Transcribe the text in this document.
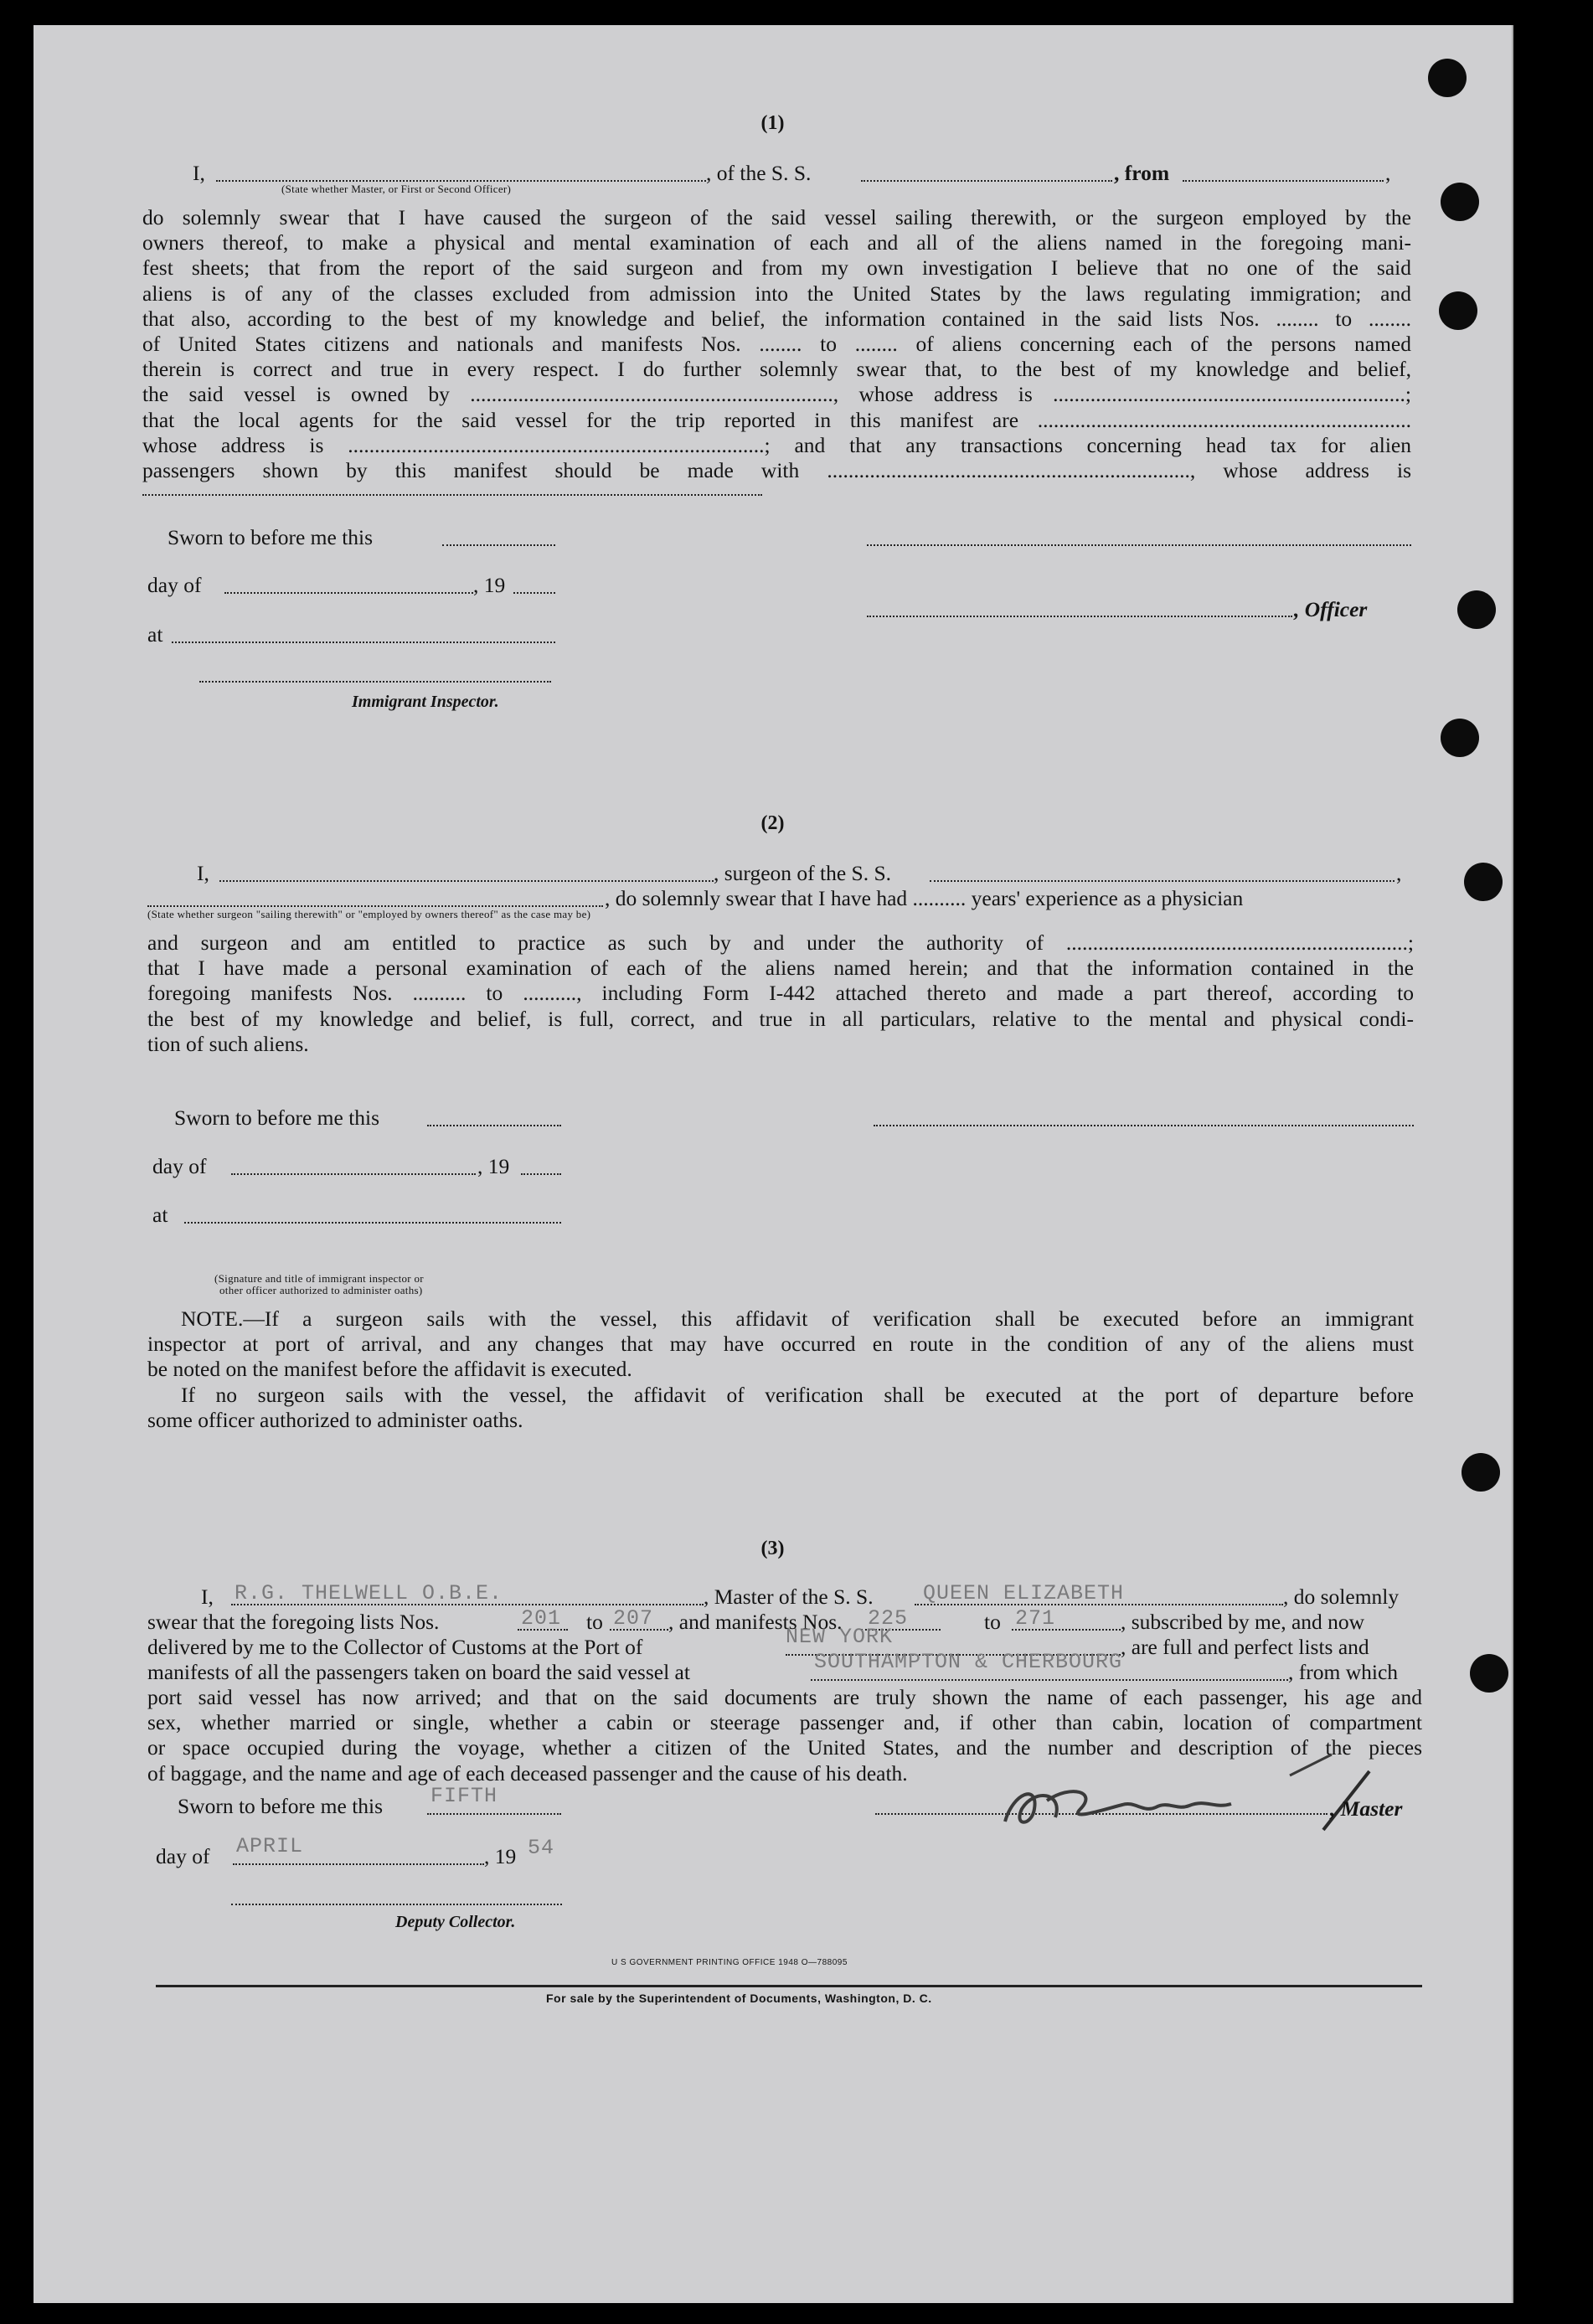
(1)
I,	, of the S. S.	, from	,
(State whether Master, or First or Second Officer)
do solemnly swear that I have caused the surgeon of the said vessel sailing therewith, or the surgeon employed by the
owners thereof, to make a physical and mental examination of each and all of the aliens named in the foregoing mani-
fest sheets; that from the report of the said surgeon and from my own investigation I believe that no one of the said
aliens is of any of the classes excluded from admission into the United States by the laws regulating immigration; and
that also, according to the best of my knowledge and belief, the information contained in the said lists Nos. ........ to ........
of United States citizens and nationals and manifests Nos. ........ to ........ of aliens concerning each of the persons named
therein is correct and true in every respect. I do further solemnly swear that, to the best of my knowledge and belief,
the said vessel is owned by ...................................................................., whose address is ..................................................................;
that the local agents for the said vessel for the trip reported in this manifest are ......................................................................
whose address is ..............................................................................; and that any transactions concerning head tax for alien
passengers shown by this manifest should be made with ...................................................................., whose address is
Sworn to before me this
day of	, 19
, Officer
at
Immigrant Inspector.
(2)
I,	, surgeon of the S. S.	,
, do solemnly swear that I have had .......... years' experience as a physician
(State whether surgeon "sailing therewith" or "employed by owners thereof" as the case may be)
and surgeon and am entitled to practice as such by and under the authority of ................................................................;
that I have made a personal examination of each of the aliens named herein; and that the information contained in the
foregoing manifests Nos. .......... to .........., including Form I-442 attached thereto and made a part thereof, according to
the best of my knowledge and belief, is full, correct, and true in all particulars, relative to the mental and physical condi-
tion of such aliens.
Sworn to before me this
day of	, 19
at
(Signature and title of immigrant inspector or
other officer authorized to administer oaths)
NOTE.—If a surgeon sails with the vessel, this affidavit of verification shall be executed before an immigrant
inspector at port of arrival, and any changes that may have occurred en route in the condition of any of the aliens must
be noted on the manifest before the affidavit is executed.
If no surgeon sails with the vessel, the affidavit of verification shall be executed at the port of departure before
some officer authorized to administer oaths.
(3)
I, R.G. THELWELL O.B.E.	, Master of the S. S. QUEEN ELIZABETH	, do solemnly
swear that the foregoing lists Nos.	201 to 207 , and manifests Nos. 225	to 271	, subscribed by me, and now
delivered by me to the Collector of Customs at the Port of	NEW YORK	, are full and perfect lists and
manifests of all the passengers taken on board the said vessel at	SOUTHAMPTON & CHERBOURG	, from which
port said vessel has now arrived; and that on the said documents are truly shown the name of each passenger, his age and
sex, whether married or single, whether a cabin or steerage passenger and, if other than cabin, location of compartment
or space occupied during the voyage, whether a citizen of the United States, and the number and description of the pieces
of baggage, and the name and age of each deceased passenger and the cause of his death.
Sworn to before me this FIFTH
, Master
day of APRIL	, 19 54
Deputy Collector.
U S GOVERNMENT PRINTING OFFICE 1948 O—788095
For sale by the Superintendent of Documents, Washington, D. C.
